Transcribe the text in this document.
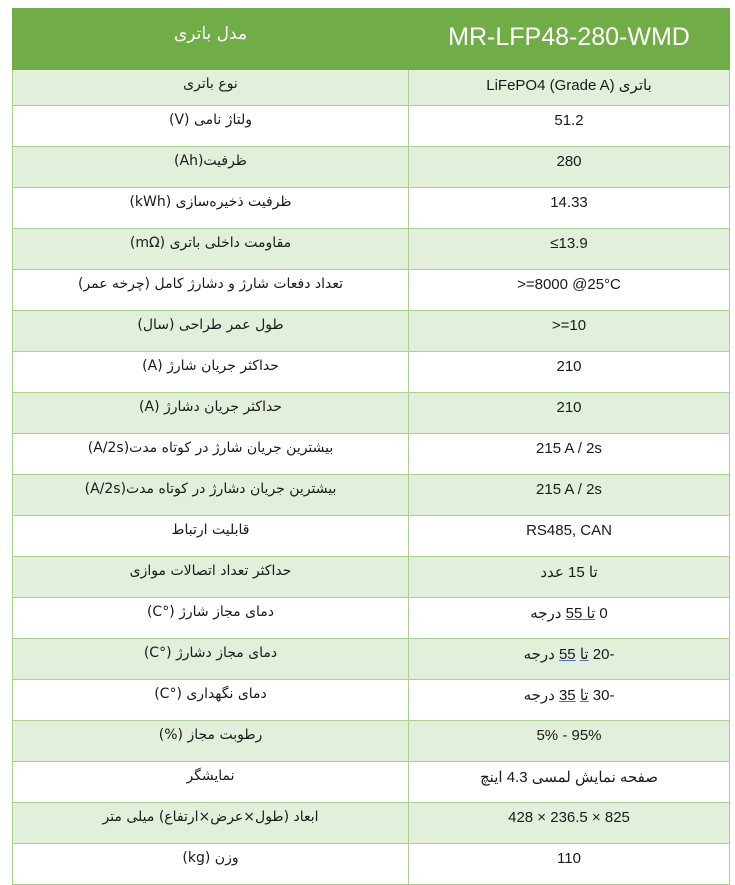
مدل باتری	MR-LFP48-280-WMD
نوع باتری	باتری LiFePO4 (Grade A)
ولتاژ نامی (V)	51.2
ظرفیت(Ah)	280
ظرفیت ذخیره‌سازی (kWh)	14.33
مقاومت داخلی باتری (mΩ)	≤13.9
تعداد دفعات شارژ و دشارژ کامل (چرخه عمر)	>=8000 @25°C
طول عمر طراحی (سال)	>=10
حداکثر جریان شارژ (A)	210
حداکثر جریان دشارژ (A)	210
بیشترین جریان شارژ در کوتاه مدت(A/2s)	215 A / 2s
بیشترین جریان دشارژ در کوتاه مدت(A/2s)	215 A / 2s
قابلیت ارتباط	RS485, CAN
حداکثر تعداد اتصالات موازی	تا 15 عدد
دمای مجاز شارژ (°C)	0 تا 55 درجه
دمای مجاز دشارژ (°C)	-20 تا 55 درجه
دمای نگهداری (°C)	-30 تا 35 درجه
رطوبت مجاز (%)	5% - 95%
نمایشگر	صفحه نمایش لمسی 4.3 اینچ
ابعاد (طول×عرض×ارتفاع) میلی متر	428 × 236.5 × 825
وزن (kg)	110
